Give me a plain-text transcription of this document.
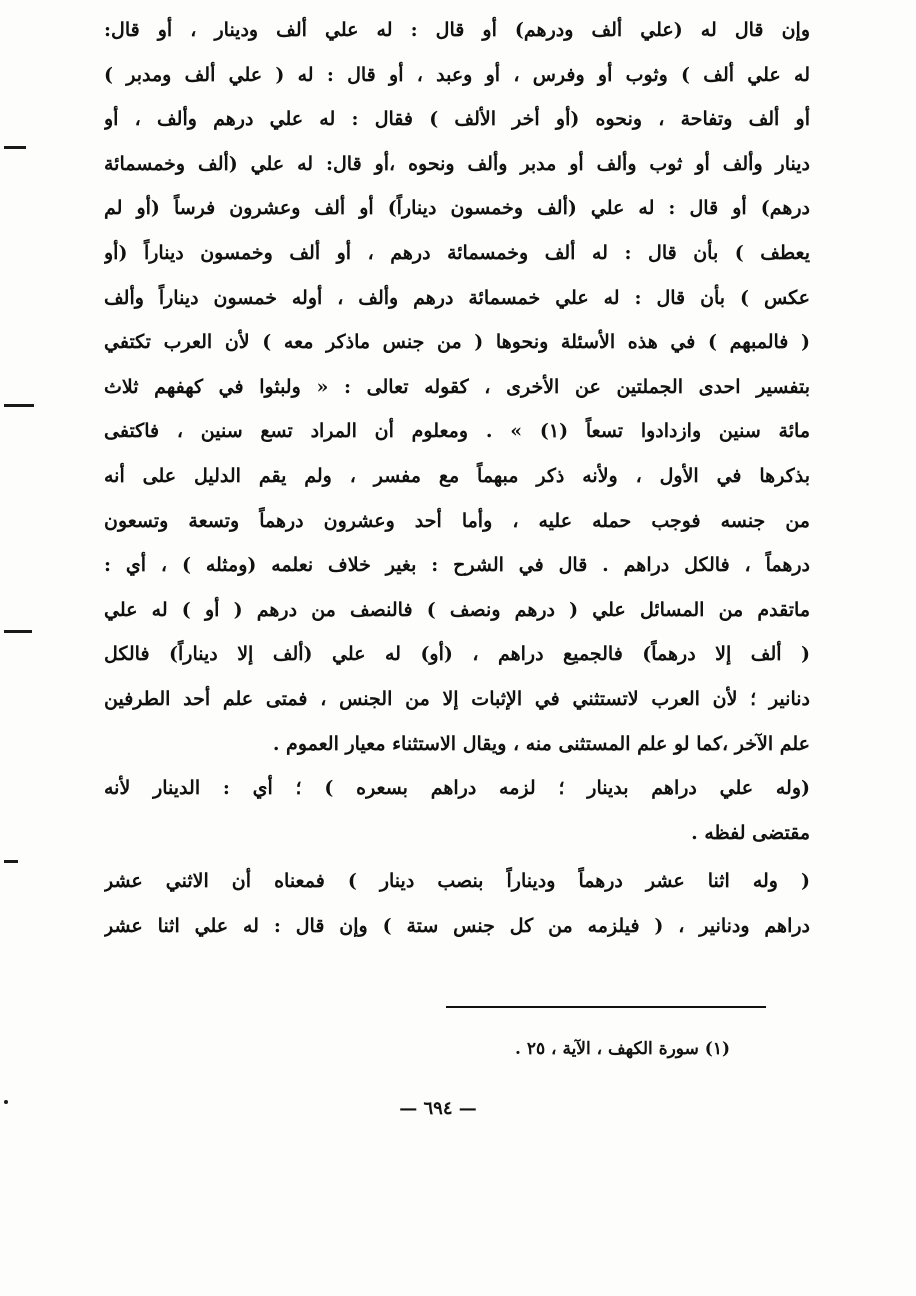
وإن قال له (علي ألف ودرهم) أو قال : له علي ألف ودينار ، أو قال:
له علي ألف ) وثوب أو وفرس ، أو وعبد ، أو قال : له ( علي ألف ومدبر )
أو ألف وتفاحة ، ونحوه (أو أخر الألف ) فقال : له علي درهم وألف ، أو
دينار وألف أو ثوب وألف أو مدبر وألف ونحوه ،أو قال: له علي (ألف وخمسمائة
درهم) أو قال : له علي (ألف وخمسون ديناراً) أو ألف وعشرون فرساً (أو لم
يعطف ) بأن قال : له ألف وخمسمائة درهم ، أو ألف وخمسون ديناراً (أو
عكس ) بأن قال : له علي خمسمائة درهم وألف ، أوله خمسون ديناراً وألف
( فالمبهم ) في هذه الأسئلة ونحوها ( من جنس ماذكر معه ) لأن العرب تكتفي
بتفسير احدى الجملتين عن الأخرى ، كقوله تعالى : « ولبثوا في كهفهم ثلاث
مائة سنين وازدادوا تسعاً (١) » . ومعلوم أن المراد تسع سنين ، فاكتفى
بذكرها في الأول ، ولأنه ذكر مبهماً مع مفسر ، ولم يقم الدليل على أنه
من جنسه فوجب حمله عليه ، وأما أحد وعشرون درهماً وتسعة وتسعون
درهماً ، فالكل دراهم . قال في الشرح : بغير خلاف نعلمه (ومثله ) ، أي :
ماتقدم من المسائل علي ( درهم ونصف ) فالنصف من درهم ( أو ) له علي
( ألف إلا درهماً) فالجميع دراهم ، (أو) له علي (ألف إلا ديناراً) فالكل
دنانير ؛ لأن العرب لاتستثني في الإثبات إلا من الجنس ، فمتى علم أحد الطرفين
علم الآخر ،كما لو علم المستثنى منه ، ويقال الاستثناء معيار العموم .
(وله علي دراهم بدينار ؛ لزمه دراهم بسعره ) ؛ أي : الدينار لأنه
مقتضى لفظه .
( وله اثنا عشر درهماً وديناراً بنصب دينار ) فمعناه أن الاثني عشر
دراهم ودنانير ، ( فيلزمه من كل جنس ستة ) وإن قال : له علي اثنا عشر
(١) سورة الكهف ، الآية ، ٢٥ .
— ٦٩٤ —
